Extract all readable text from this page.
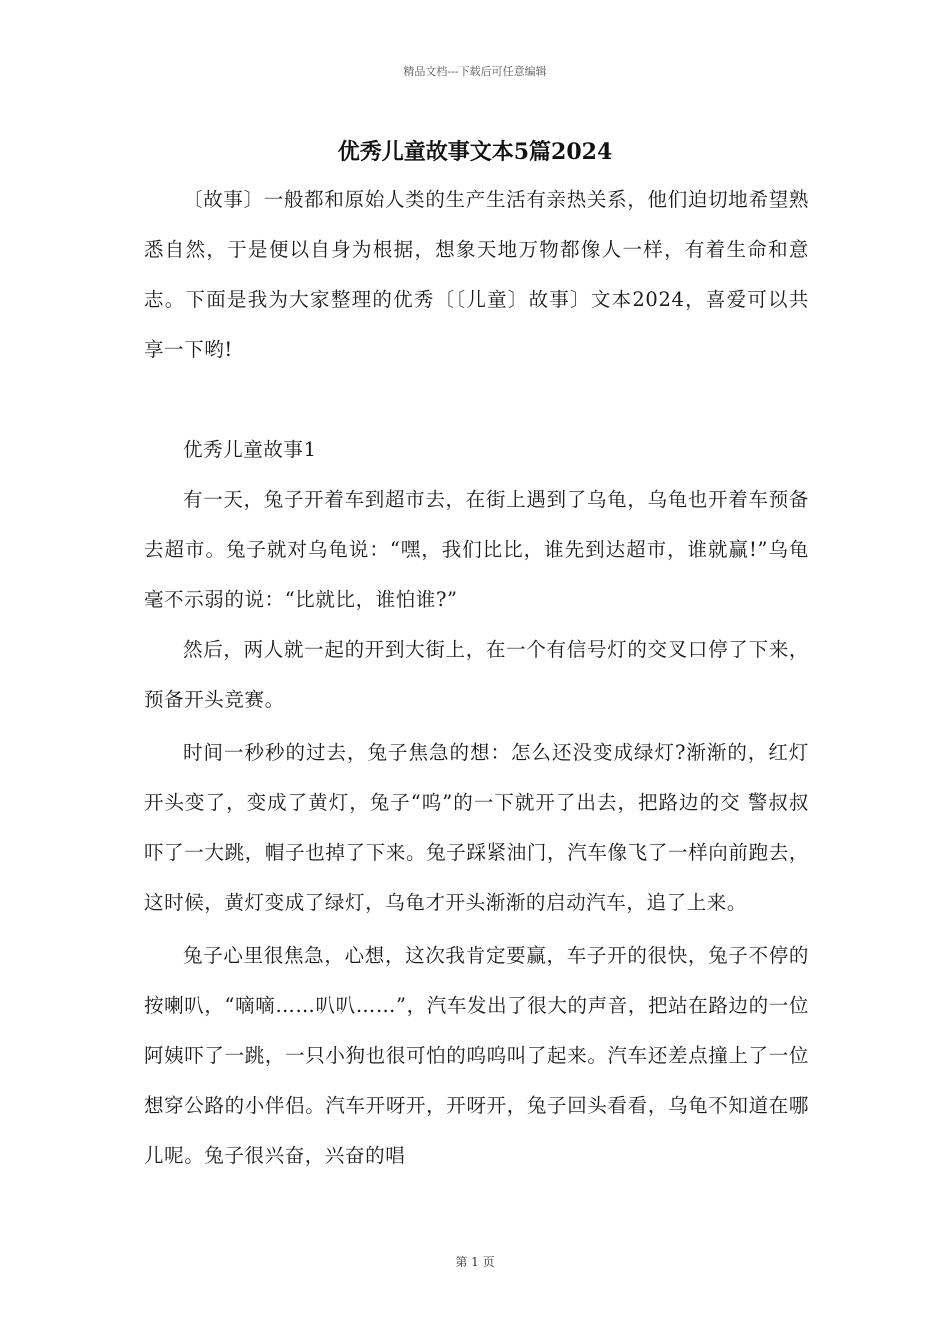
精品文档---下载后可任意编辑
优秀儿童故事文本5篇2024

〔故事〕一般都和原始人类的生产生活有亲热关系，他们迫切地希望熟悉自然，于是便以自身为根据，想象天地万物都像人一样，有着生命和意志。下面是我为大家整理的优秀〔〔儿童〕故事〕文本2024，喜爱可以共享一下哟!

优秀儿童故事1

有一天，兔子开着车到超市去，在街上遇到了乌龟，乌龟也开着车预备去超市。兔子就对乌龟说：“嘿，我们比比，谁先到达超市，谁就赢!”乌龟毫不示弱的说：“比就比，谁怕谁?”

然后，两人就一起的开到大街上，在一个有信号灯的交叉口停了下来，预备开头竞赛。

时间一秒秒的过去，兔子焦急的想：怎么还没变成绿灯?渐渐的，红灯开头变了，变成了黄灯，兔子“呜”的一下就开了出去，把路边的交 警叔叔吓了一大跳，帽子也掉了下来。兔子踩紧油门，汽车像飞了一样向前跑去，这时候，黄灯变成了绿灯，乌龟才开头渐渐的启动汽车，追了上来。

兔子心里很焦急，心想，这次我肯定要赢，车子开的很快，兔子不停的按喇叭，“嘀嘀……叭叭……”，汽车发出了很大的声音，把站在路边的一位阿姨吓了一跳，一只小狗也很可怕的呜呜叫了起来。汽车还差点撞上了一位想穿公路的小伴侣。汽车开呀开，开呀开，兔子回头看看，乌龟不知道在哪儿呢。兔子很兴奋，兴奋的唱

第 1 页
